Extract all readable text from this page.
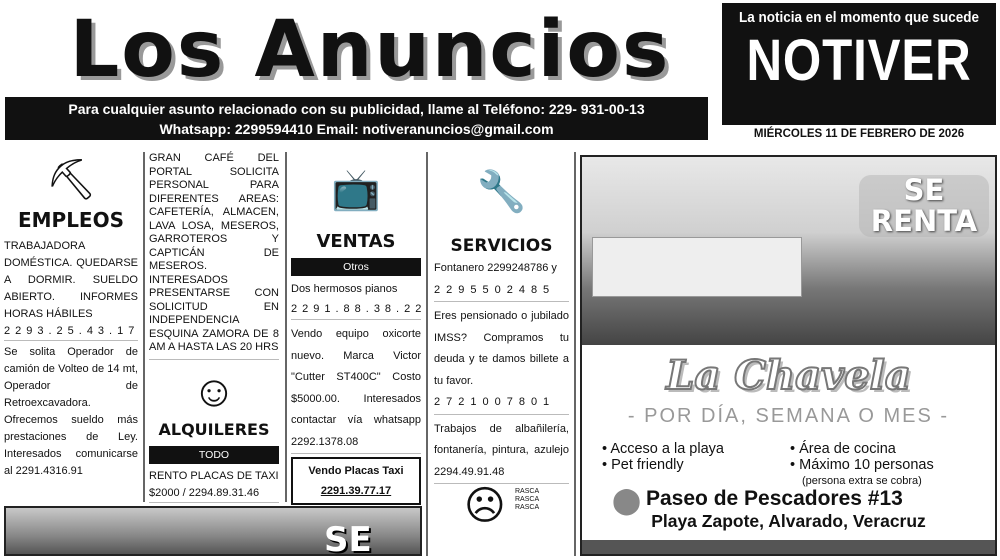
Los Anuncios
Para cualquier asunto relacionado con su publicidad, llame al Teléfono: 229- 931-00-13
Whatsapp: 2299594410 Email: notiveranuncios@gmail.com
La noticia en el momento que sucede
NOTIVER
MIÉRCOLES 11 DE FEBRERO DE 2026
⛏
EMPLEOS
TRABAJADORA DOMÉSTICA. QUEDARSE A DORMIR. SUELDO ABIERTO. INFORMES HORAS HÁBILES
2293.25.43.17
Se solita Operador de camión de Volteo de 14 mt, Operador de Retroexcavadora. Ofrecemos sueldo más prestaciones de Ley. Interesados comunicarse al 2291.4316.91
GRAN CAFÉ DEL PORTAL SOLICITA PERSONAL PARA DIFERENTES AREAS: CAFETERÍA, ALMACEN, LAVA LOSA, MESEROS, GARROTEROS Y CAPTICÁN DE MESEROS. INTERESADOS PRESENTARSE CON SOLICITUD EN INDEPENDENCIA ESQUINA ZAMORA DE 8 AM A HASTA LAS 20 HRS
☺
ALQUILERES
TODO
RENTO PLACAS DE TAXI
$2000 / 2294.89.31.46
📺
VENTAS
Otros
Dos hermosos pianos
2291.88.38.22
Vendo equipo oxicorte nuevo. Marca Victor "Cutter ST400C" Costo $5000.00. Interesados contactar vía whatsapp 2292.1378.08
Vendo Placas Taxi
2291.39.77.17
🔧
SERVICIOS
Fontanero 2299248786 y
2295502485
Eres pensionado o jubilado IMSS? Compramos tu deuda y te damos billete a tu favor.
2721007801
Trabajos de albañilería, fontanería, pintura, azulejo 2294.49.91.48
RASCA RASCA RASCA
☹
SE
SE RENTA
La Chavela
- POR DÍA, SEMANA O MES -
• Acceso a la playa
• Pet friendly
• Área de cocina
• Máximo 10 personas
(persona extra se cobra)
⬤ Paseo de Pescadores #13
Playa Zapote, Alvarado, Veracruz
